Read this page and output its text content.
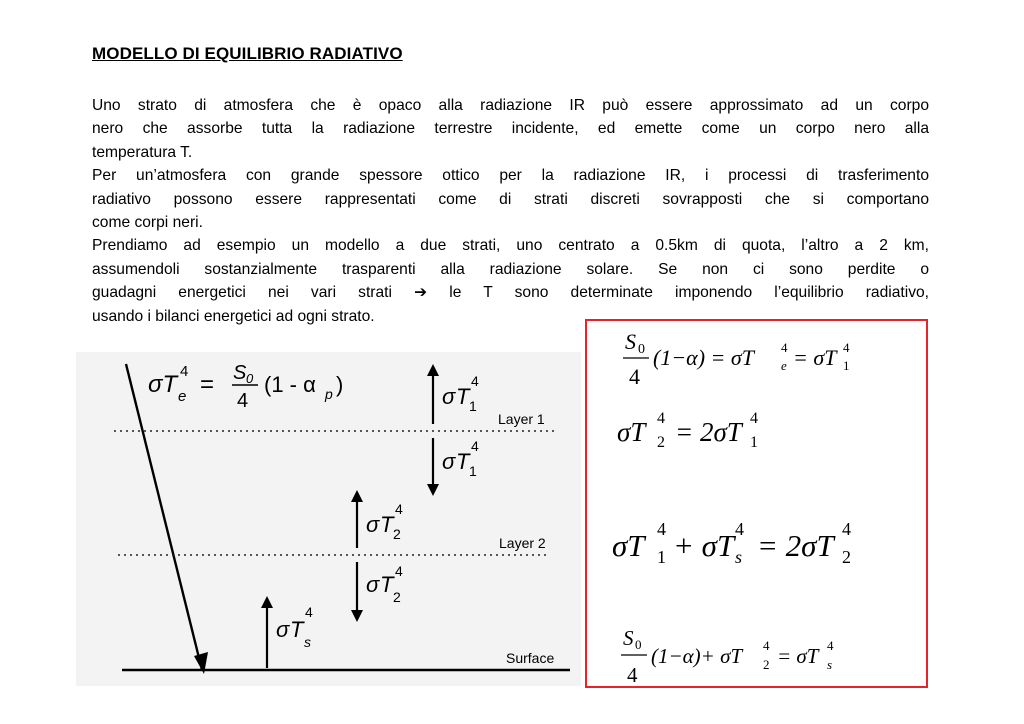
MODELLO DI EQUILIBRIO RADIATIVO

Uno strato di atmosfera che è opaco alla radiazione IR può essere approssimato ad un corpo

nero che assorbe tutta la radiazione terrestre incidente, ed emette come un corpo nero alla

temperatura T.

Per un’atmosfera con grande spessore ottico per la radiazione IR, i processi di trasferimento

radiativo possono essere rappresentati come di strati discreti sovrapposti che si comportano

come corpi neri.

Prendiamo ad esempio un modello a due strati, uno centrato a 0.5km di quota, l’altro a 2 km,

assumendoli sostanzialmente trasparenti alla radiazione solare. Se non ci sono perdite o

guadagni energetici nei vari strati ➔ le T sono determinate imponendo l’equilibrio radiativo,

usando i bilanci energetici ad ogni strato.

σT e
4 = S 0
4
(1 - α p )	σ T 1
4
σ T 1
4
σ T 2
4
σ T 2
4
σ T s
4
Layer 1
Layer 2
Surface
S 0
4
(1−α) = σT e
4 = σT 1
4
σT 2
4 = 2σT 1
4
σT 1
4 + σT s
4 = 2σT 2
4
S 0
4
(1−α)+ σT 2
4 = σT s
4
